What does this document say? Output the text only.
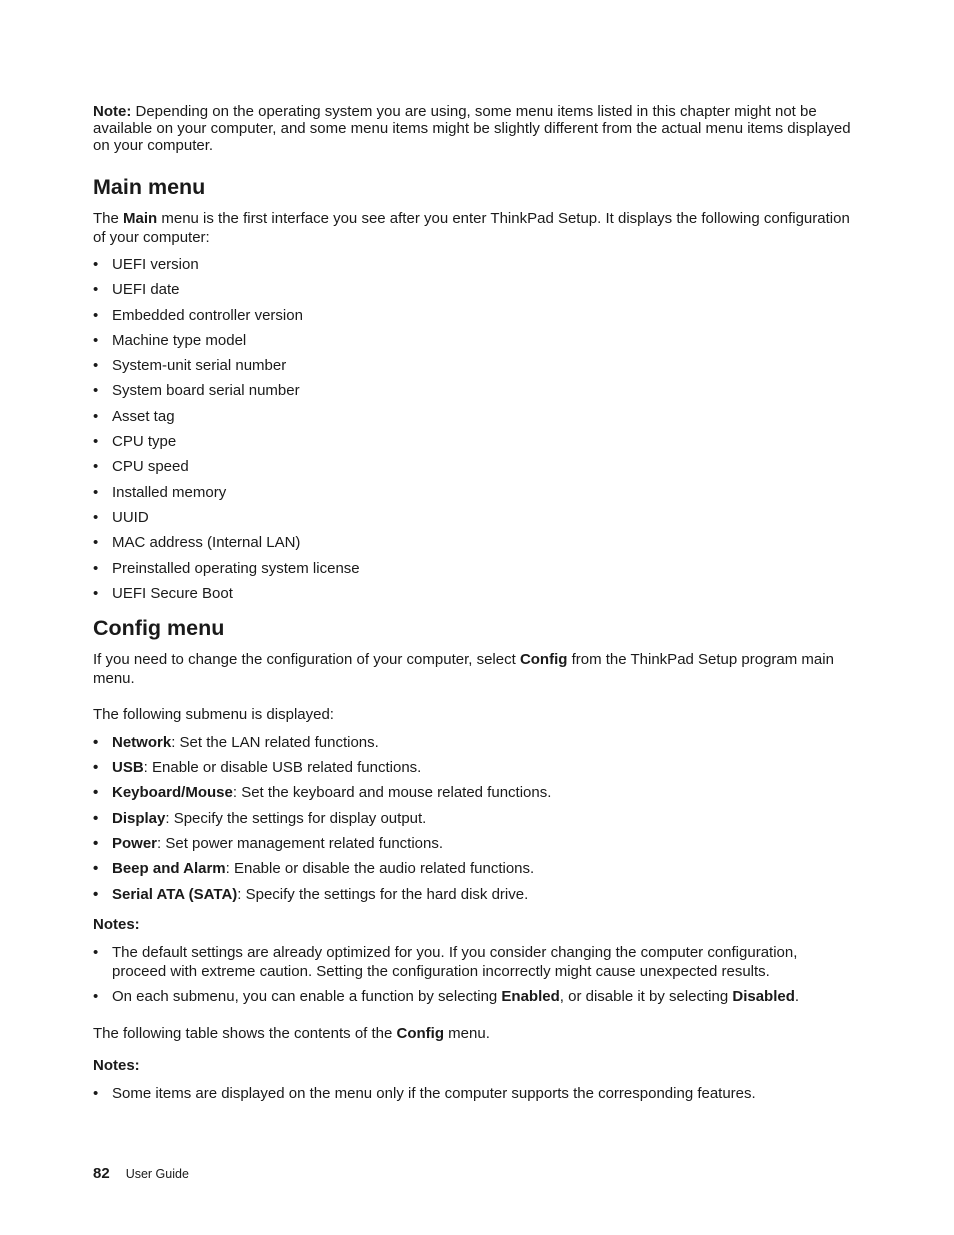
Note: Depending on the operating system you are using, some menu items listed in this chapter might not be available on your computer, and some menu items might be slightly different from the actual menu items displayed on your computer.

Main menu

The Main menu is the first interface you see after you enter ThinkPad Setup. It displays the following configuration of your computer:

• UEFI version
• UEFI date
• Embedded controller version
• Machine type model
• System-unit serial number
• System board serial number
• Asset tag
• CPU type
• CPU speed
• Installed memory
• UUID
• MAC address (Internal LAN)
• Preinstalled operating system license
• UEFI Secure Boot
Config menu

If you need to change the configuration of your computer, select Config from the ThinkPad Setup program main menu.

The following submenu is displayed:

• Network: Set the LAN related functions.
• USB: Enable or disable USB related functions.
• Keyboard/Mouse: Set the keyboard and mouse related functions.
• Display: Specify the settings for display output.
• Power: Set power management related functions.
• Beep and Alarm: Enable or disable the audio related functions.
• Serial ATA (SATA): Specify the settings for the hard disk drive.

Notes:

• The default settings are already optimized for you. If you consider changing the computer configuration, proceed with extreme caution. Setting the configuration incorrectly might cause unexpected results.
• On each submenu, you can enable a function by selecting Enabled, or disable it by selecting Disabled.

The following table shows the contents of the Config menu.

Notes:

• Some items are displayed on the menu only if the computer supports the corresponding features.
82 User Guide
